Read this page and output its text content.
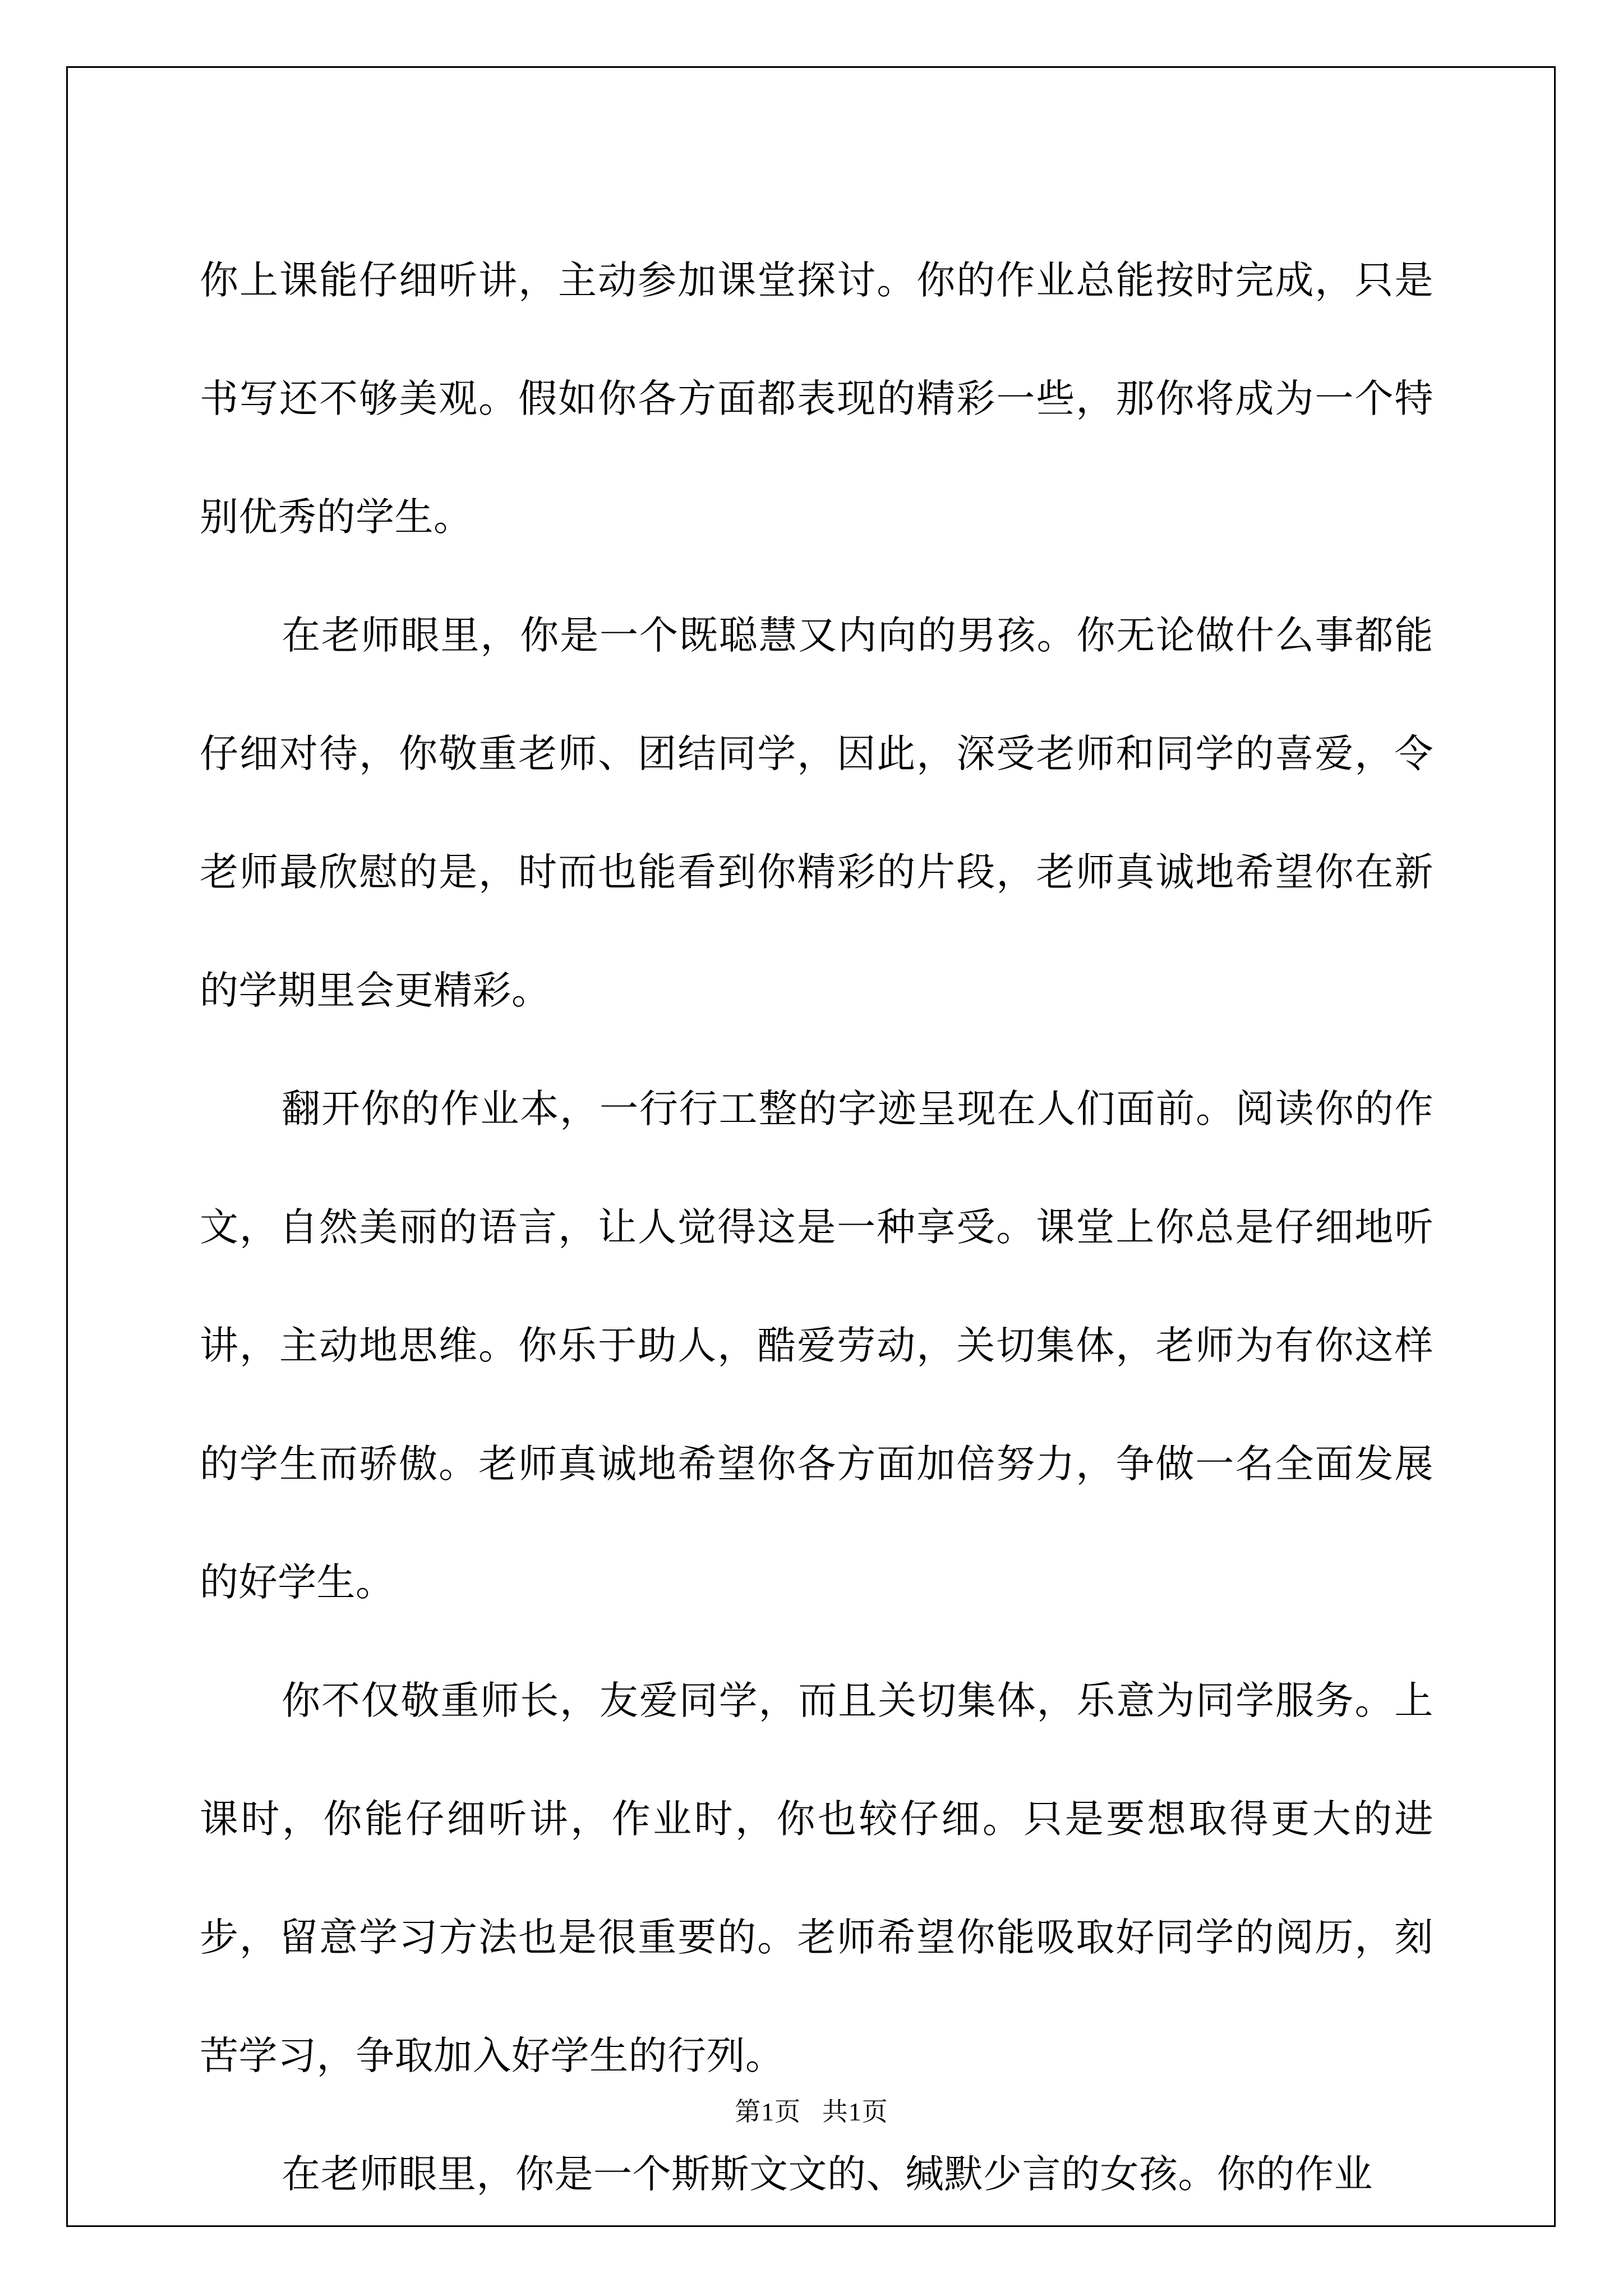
你上课能仔细听讲，主动参加课堂探讨。你的作业总能按时完成，只是书写还不够美观。假如你各方面都表现的精彩一些，那你将成为一个特别优秀的学生。

在老师眼里，你是一个既聪慧又内向的男孩。你无论做什么事都能仔细对待，你敬重老师、团结同学，因此，深受老师和同学的喜爱，令老师最欣慰的是，时而也能看到你精彩的片段，老师真诚地希望你在新的学期里会更精彩。

翻开你的作业本，一行行工整的字迹呈现在人们面前。阅读你的作文，自然美丽的语言，让人觉得这是一种享受。课堂上你总是仔细地听讲，主动地思维。你乐于助人，酷爱劳动，关切集体，老师为有你这样的学生而骄傲。老师真诚地希望你各方面加倍努力，争做一名全面发展的好学生。

你不仅敬重师长，友爱同学，而且关切集体，乐意为同学服务。上课时，你能仔细听讲，作业时，你也较仔细。只是要想取得更大的进步，留意学习方法也是很重要的。老师希望你能吸取好同学的阅历，刻苦学习，争取加入好学生的行列。

在老师眼里，你是一个斯斯文文的、缄默少言的女孩。你的作业

第1页 共1页
